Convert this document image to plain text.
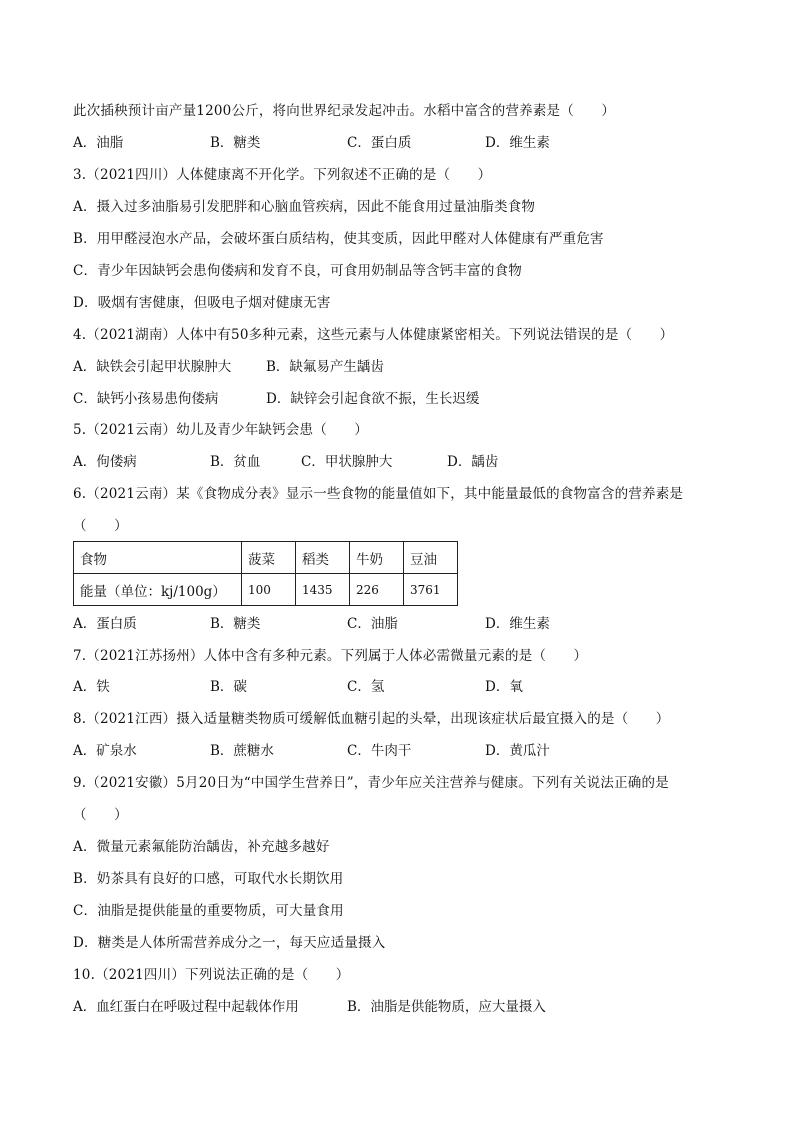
此次插秧预计亩产量1200公斤，将向世界纪录发起冲击。水稻中富含的营养素是（　　）
A．油脂	B．糖类	C．蛋白质	D．维生素
3.（2021四川）人体健康离不开化学。下列叙述不正确的是（　　）
A．摄入过多油脂易引发肥胖和心脑血管疾病，因此不能食用过量油脂类食物
B．用甲醛浸泡水产品，会破坏蛋白质结构，使其变质，因此甲醛对人体健康有严重危害
C．青少年因缺钙会患佝偻病和发育不良，可食用奶制品等含钙丰富的食物
D．吸烟有害健康，但吸电子烟对健康无害
4.（2021湖南）人体中有50多种元素，这些元素与人体健康紧密相关。下列说法错误的是（　　）
A．缺铁会引起甲状腺肿大	B．缺氟易产生龋齿
C．缺钙小孩易患佝偻病	D．缺锌会引起食欲不振，生长迟缓
5.（2021云南）幼儿及青少年缺钙会患（　　）
A．佝偻病	B．贫血	C．甲状腺肿大	D．龋齿
6.（2021云南）某《食物成分表》显示一些食物的能量值如下，其中能量最低的食物富含的营养素是
（　　）
食物	菠菜	稻类	牛奶	豆油
能量（单位：kj/100g）	100	1435	226	3761
A．蛋白质	B．糖类	C．油脂	D．维生素
7.（2021江苏扬州）人体中含有多种元素。下列属于人体必需微量元素的是（　　）
A．铁	B．碳	C．氢	D．氧
8.（2021江西）摄入适量糖类物质可缓解低血糖引起的头晕，出现该症状后最宜摄入的是（　　）
A．矿泉水	B．蔗糖水	C．牛肉干	D．黄瓜汁
9.（2021安徽）5月20日为“中国学生营养日”，青少年应关注营养与健康。下列有关说法正确的是
（　　）
A．微量元素氟能防治龋齿，补充越多越好
B．奶茶具有良好的口感，可取代水长期饮用
C．油脂是提供能量的重要物质，可大量食用
D．糖类是人体所需营养成分之一，每天应适量摄入
10.（2021四川）下列说法正确的是（　　）
A．血红蛋白在呼吸过程中起载体作用	B．油脂是供能物质，应大量摄入
